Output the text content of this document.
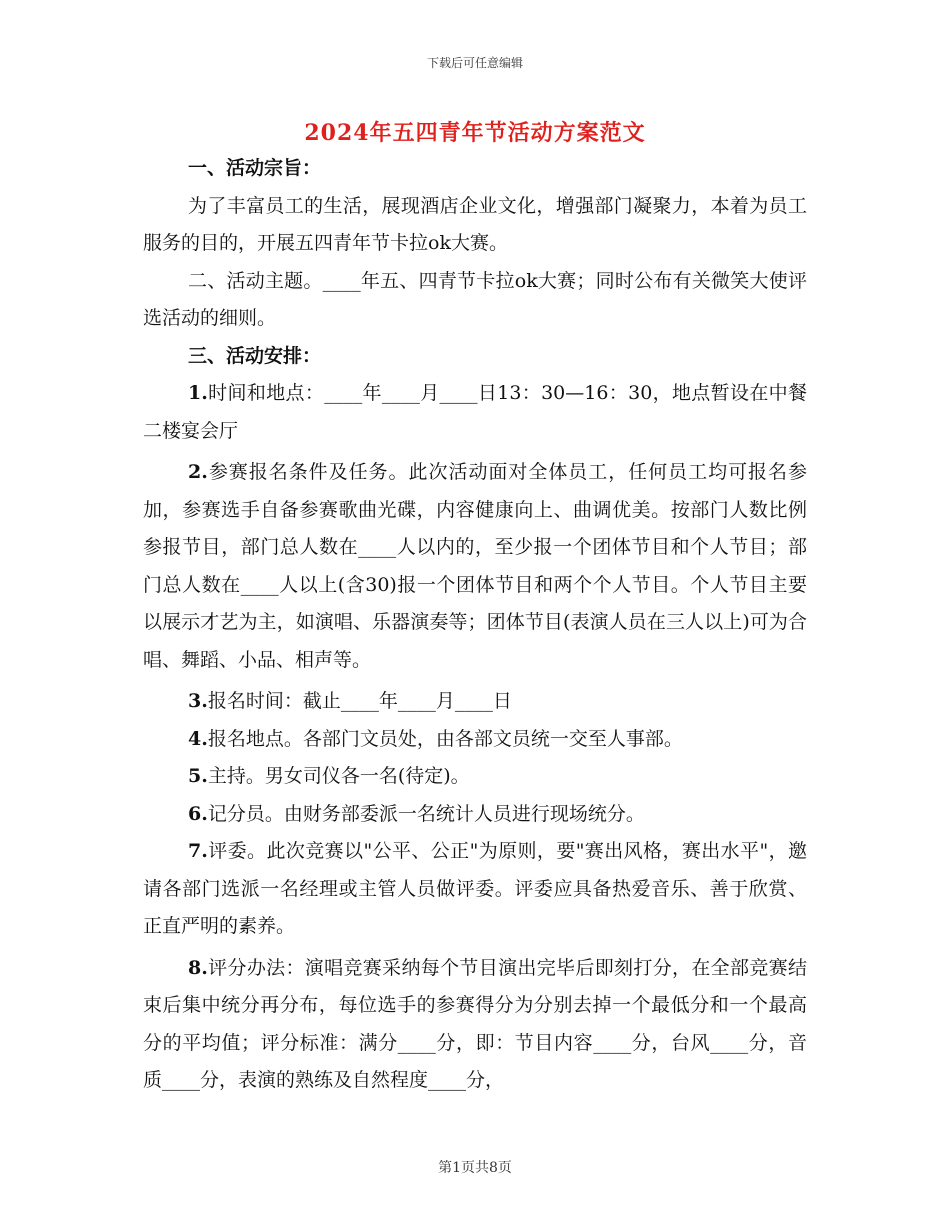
下载后可任意编辑
2024年五四青年节活动方案范文

一、活动宗旨：

为了丰富员工的生活，展现酒店企业文化，增强部门凝聚力，本着为员工服务的目的，开展五四青年节卡拉ok大赛。

二、活动主题。____年五、四青节卡拉ok大赛；同时公布有关微笑大使评选活动的细则。

三、活动安排：

1.时间和地点：____年____月____日13：30—16：30，地点暂设在中餐二楼宴会厅

2.参赛报名条件及任务。此次活动面对全体员工，任何员工均可报名参加，参赛选手自备参赛歌曲光碟，内容健康向上、曲调优美。按部门人数比例参报节目，部门总人数在____人以内的，至少报一个团体节目和个人节目；部门总人数在____人以上(含30)报一个团体节目和两个个人节目。个人节目主要以展示才艺为主，如演唱、乐器演奏等；团体节目(表演人员在三人以上)可为合唱、舞蹈、小品、相声等。

3.报名时间：截止____年____月____日

4.报名地点。各部门文员处，由各部文员统一交至人事部。

5.主持。男女司仪各一名(待定)。

6.记分员。由财务部委派一名统计人员进行现场统分。

7.评委。此次竞赛以"公平、公正"为原则，要"赛出风格，赛出水平"，邀请各部门选派一名经理或主管人员做评委。评委应具备热爱音乐、善于欣赏、正直严明的素养。

8.评分办法：演唱竞赛采纳每个节目演出完毕后即刻打分，在全部竞赛结束后集中统分再分布，每位选手的参赛得分为分别去掉一个最低分和一个最高分的平均值；评分标准：满分____分，即：节目内容____分，台风____分，音质____分，表演的熟练及自然程度____分，

第1页共8页
